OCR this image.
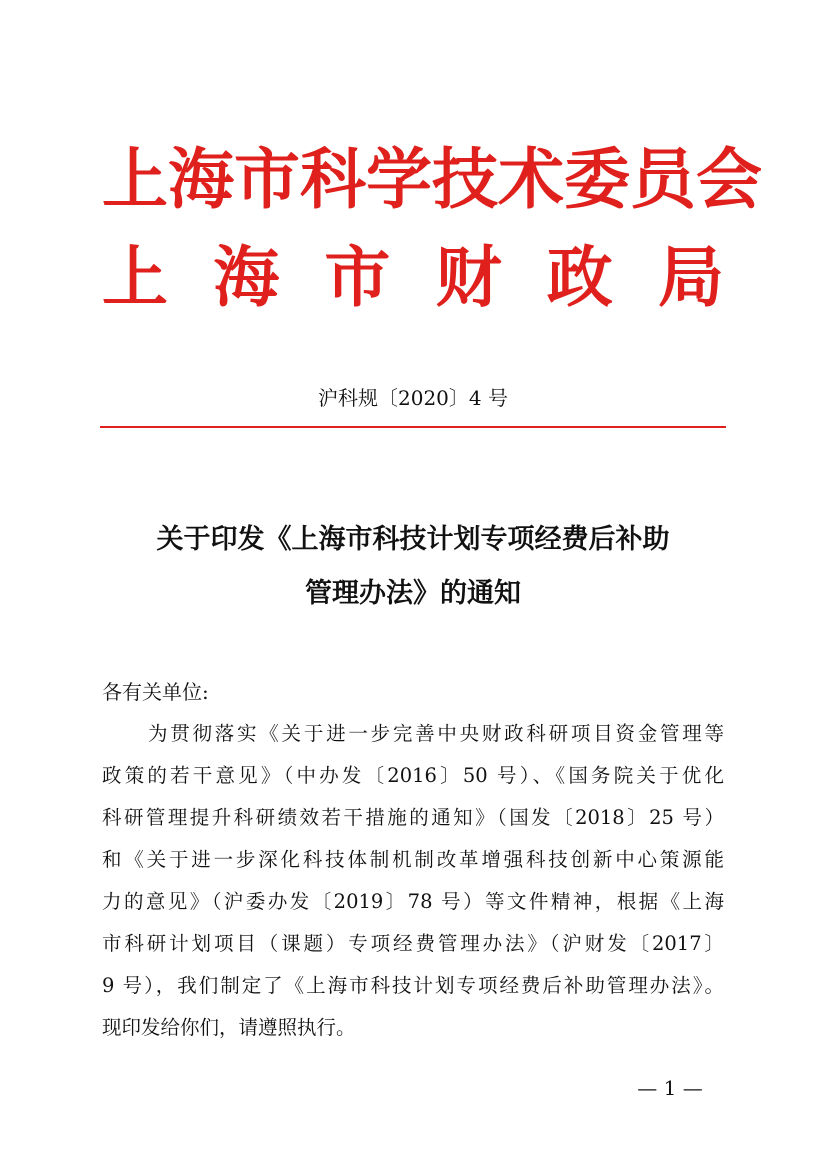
上 海 市 科 学 技 术 委 员 会
上 海 市 财 政 局
沪科规〔2020〕4 号
关于印发《上海市科技计划专项经费后补助
管理办法》的通知
各有关单位:
为贯彻落实《关于进一步完善中央财政科研项目资金管理等
政策的若干意见》（中办发〔2016〕50 号）、《国务院关于优化
科研管理提升科研绩效若干措施的通知》（国发〔2018〕25 号）
和《关于进一步深化科技体制机制改革增强科技创新中心策源能
力的意见》（沪委办发〔2019〕78 号）等文件精神，根据《上海
市科研计划项目（课题）专项经费管理办法》（沪财发〔2017〕
9 号），我们制定了《上海市科技计划专项经费后补助管理办法》。
现印发给你们，请遵照执行。
— 1 —
